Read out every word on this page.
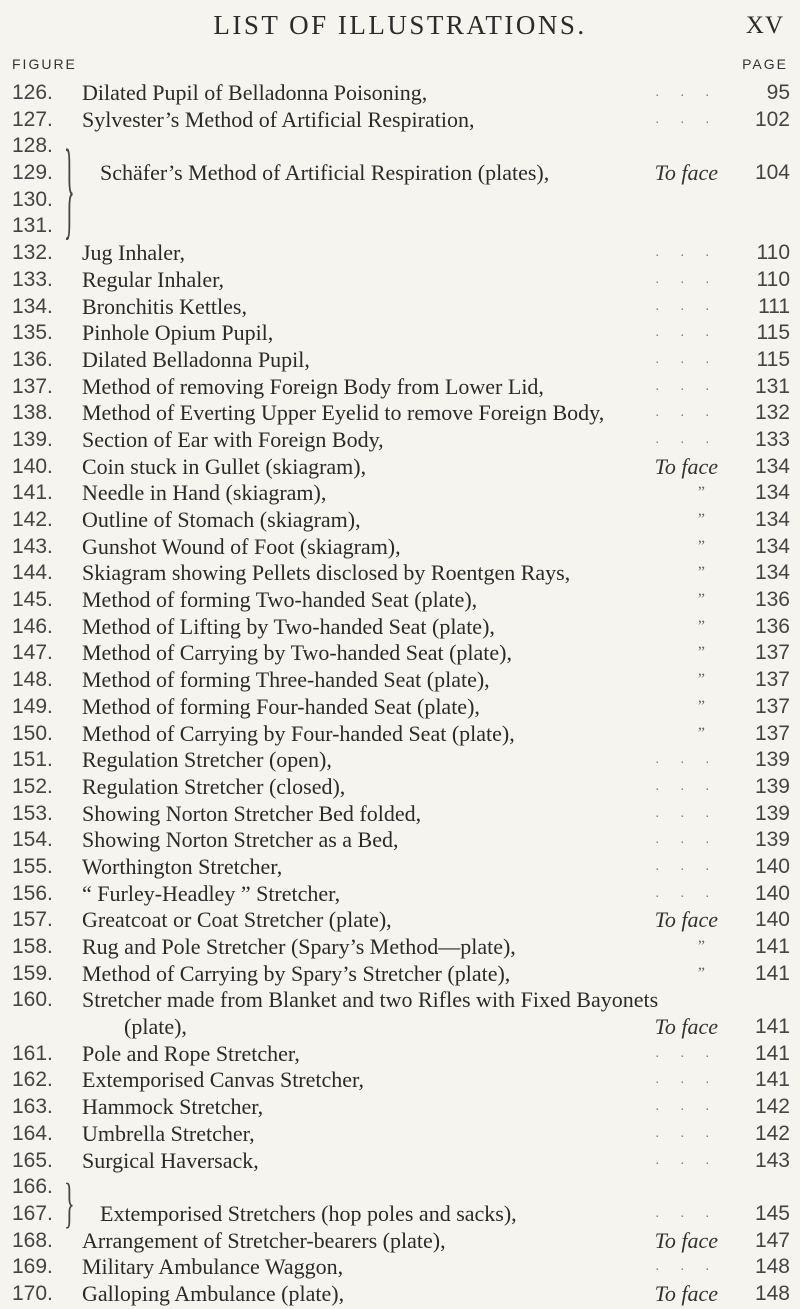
LIST OF ILLUSTRATIONS.	XV
FIGURE	PAGE
126. Dilated Pupil of Belladonna Poisoning,	. . .	95
127. Sylvester’s Method of Artificial Respiration,	. . .	102
128. }
129. Schäfer’s Method of Artificial Respiration (plates),	To face	104
130.
131.
132. Jug Inhaler,	. . .	110
133. Regular Inhaler,	. . .	110
134. Bronchitis Kettles,	. . .	111
135. Pinhole Opium Pupil,	. . .	115
136. Dilated Belladonna Pupil,	. . .	115
137. Method of removing Foreign Body from Lower Lid,	. . .	131
138. Method of Everting Upper Eyelid to remove Foreign Body,	. . .	132
139. Section of Ear with Foreign Body,	. . .	133
140. Coin stuck in Gullet (skiagram),	To face	134
141. Needle in Hand (skiagram),	”	134
142. Outline of Stomach (skiagram),	”	134
143. Gunshot Wound of Foot (skiagram),	”	134
144. Skiagram showing Pellets disclosed by Roentgen Rays,	”	134
145. Method of forming Two-handed Seat (plate),	”	136
146. Method of Lifting by Two-handed Seat (plate),	”	136
147. Method of Carrying by Two-handed Seat (plate),	”	137
148. Method of forming Three-handed Seat (plate),	”	137
149. Method of forming Four-handed Seat (plate),	”	137
150. Method of Carrying by Four-handed Seat (plate),	”	137
151. Regulation Stretcher (open),	. . .	139
152. Regulation Stretcher (closed),	. . .	139
153. Showing Norton Stretcher Bed folded,	. . .	139
154. Showing Norton Stretcher as a Bed,	. . .	139
155. Worthington Stretcher,	. . .	140
156. “ Furley-Headley ” Stretcher,	. . .	140
157. Greatcoat or Coat Stretcher (plate),	To face	140
158. Rug and Pole Stretcher (Spary’s Method—plate),	”	141
159. Method of Carrying by Spary’s Stretcher (plate),	”	141
160. Stretcher made from Blanket and two Rifles with Fixed Bayonets
(plate),	To face	141
161. Pole and Rope Stretcher,	. . .	141
162. Extemporised Canvas Stretcher,	. . .	141
163. Hammock Stretcher,	. . .	142
164. Umbrella Stretcher,	. . .	142
165. Surgical Haversack,	. . .	143
166. }
167. Extemporised Stretchers (hop poles and sacks),	. . .	145
168. Arrangement of Stretcher-bearers (plate),	To face	147
169. Military Ambulance Waggon,	. . .	148
170. Galloping Ambulance (plate),	To face	148
